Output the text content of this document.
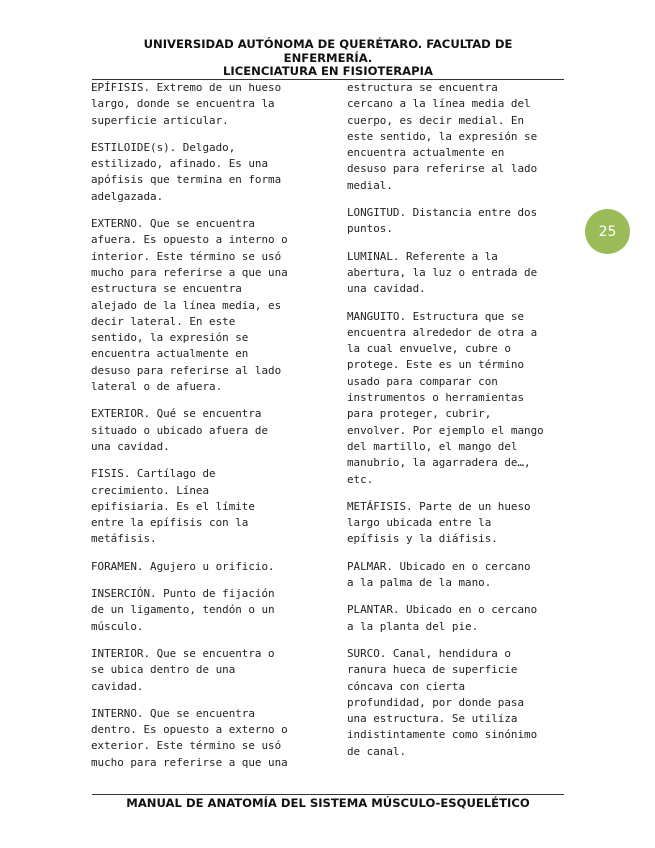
UNIVERSIDAD AUTÓNOMA DE QUERÉTARO. FACULTAD DE
ENFERMERÍA.
LICENCIATURA EN FISIOTERAPIA

EPÍFISIS. Extremo de un hueso
largo, donde se encuentra la
superficie articular.

ESTILOIDE(s). Delgado,
estilizado, afinado. Es una
apófisis que termina en forma
adelgazada.

EXTERNO. Que se encuentra
afuera. Es opuesto a interno o
interior. Este término se usó
mucho para referirse a que una
estructura se encuentra
alejado de la línea media, es
decir lateral. En este
sentido, la expresión se
encuentra actualmente en
desuso para referirse al lado
lateral o de afuera.

EXTERIOR. Qué se encuentra
situado o ubicado afuera de
una cavidad.

FISIS. Cartílago de
crecimiento. Línea
epifisiaria. Es el límite
entre la epífisis con la
metáfisis.

FORAMEN. Agujero u orificio.

INSERCIÓN. Punto de fijación
de un ligamento, tendón o un
músculo.

INTERIOR. Que se encuentra o
se ubica dentro de una
cavidad.

INTERNO. Que se encuentra
dentro. Es opuesto a externo o
exterior. Este término se usó
mucho para referirse a que una

estructura se encuentra
cercano a la línea media del
cuerpo, es decir medial. En
este sentido, la expresión se
encuentra actualmente en
desuso para referirse al lado
medial.

LONGITUD. Distancia entre dos
puntos.

LUMINAL. Referente a la
abertura, la luz o entrada de
una cavidad.

MANGUITO. Estructura que se
encuentra alrededor de otra a
la cual envuelve, cubre o
protege. Este es un término
usado para comparar con
instrumentos o herramientas
para proteger, cubrir,
envolver. Por ejemplo el mango
del martillo, el mango del
manubrio, la agarradera de…,
etc.

METÁFISIS. Parte de un hueso
largo ubicada entre la
epífisis y la diáfisis.

PALMAR. Ubicado en o cercano
a la palma de la mano.

PLANTAR. Ubicado en o cercano
a la planta del pie.

SURCO. Canal, hendidura o
ranura hueca de superficie
cóncava con cierta
profundidad, por donde pasa
una estructura. Se utiliza
indistintamente como sinónimo
de canal.

25
MANUAL DE ANATOMÍA DEL SISTEMA MÚSCULO-ESQUELÉTICO
